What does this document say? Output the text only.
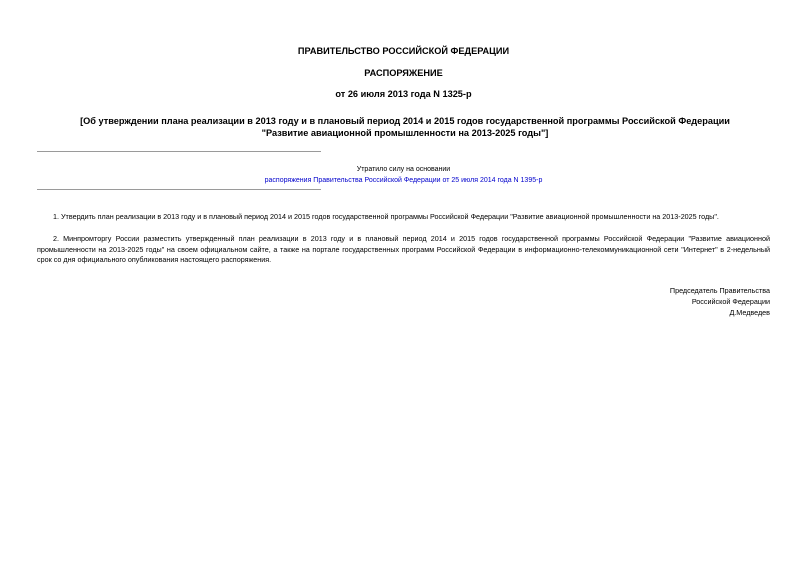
ПРАВИТЕЛЬСТВО РОССИЙСКОЙ ФЕДЕРАЦИИ
РАСПОРЯЖЕНИЕ
от 26 июля 2013 года N 1325-р
[Об утверждении плана реализации в 2013 году и в плановый период 2014 и 2015 годов государственной программы Российской Федерации "Развитие авиационной промышленности на 2013-2025 годы"]
Утратило силу на основании
распоряжения Правительства Российской Федерации от 25 июля 2014 года N 1395-р
1. Утвердить план реализации в 2013 году и в плановый период 2014 и 2015 годов государственной программы Российской Федерации "Развитие авиационной промышленности на 2013-2025 годы".
2. Минпромторгу России разместить утвержденный план реализации в 2013 году и в плановый период 2014 и 2015 годов государственной программы Российской Федерации "Развитие авиационной промышленности на 2013-2025 годы" на своем официальном сайте, а также на портале государственных программ Российской Федерации в информационно-телекоммуникационной сети "Интернет" в 2-недельный срок со дня официального опубликования настоящего распоряжения.
Председатель Правительства
Российской Федерации
Д.Медведев
